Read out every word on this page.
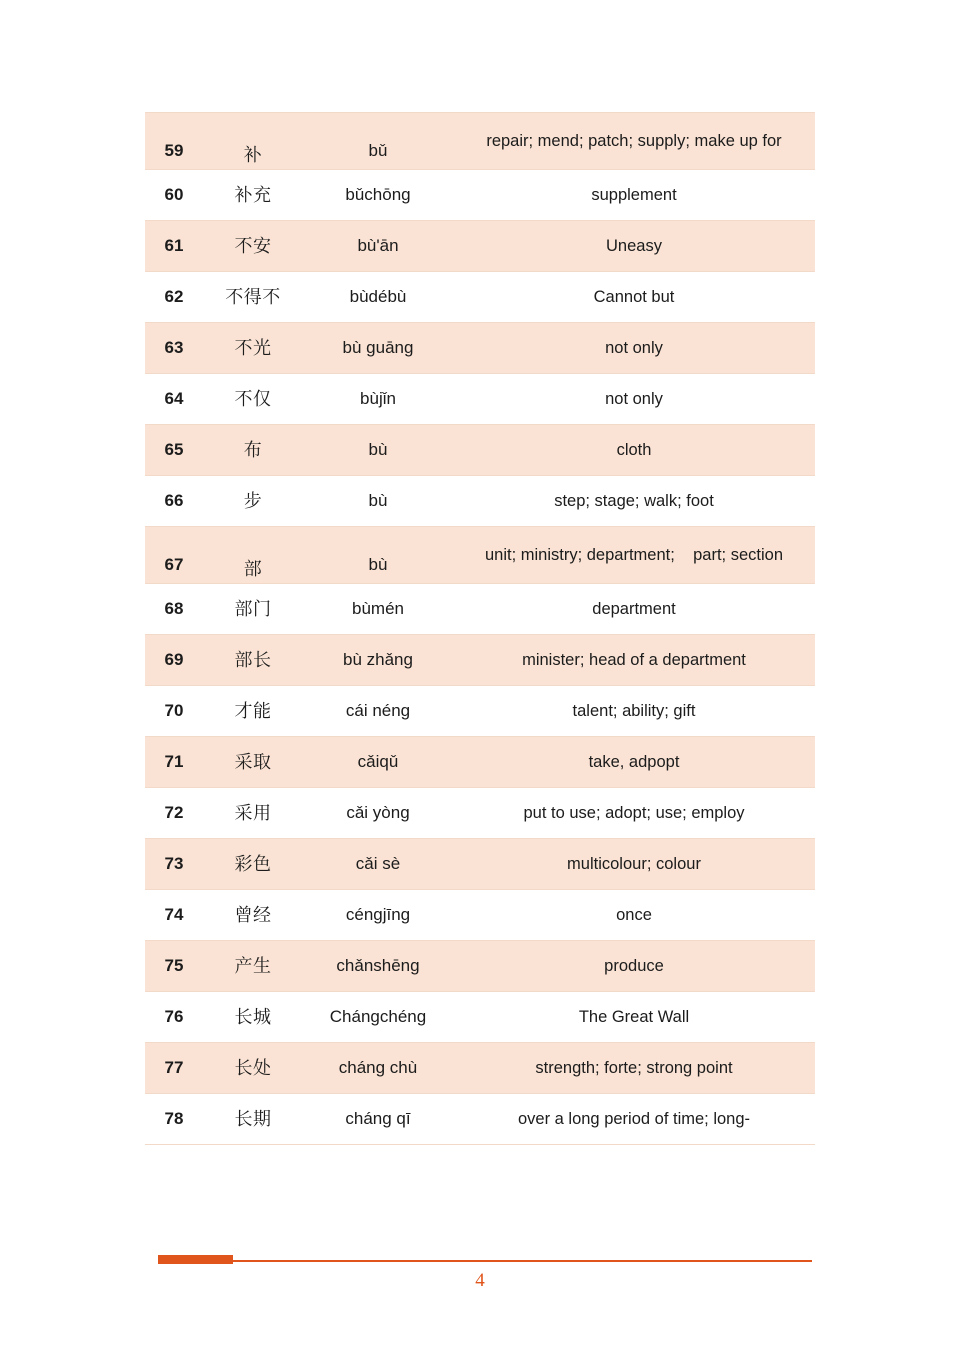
59	补	bǔ	repair; mend; patch; supply; make up for
60	补充	bǔchōng	supplement
61	不安	bù'ān	Uneasy
62	不得不	bùdébù	Cannot but
63	不光	bù guāng	not only
64	不仅	bùjǐn	not only
65	布	bù	cloth
66	步	bù	step; stage; walk; foot
67	部	bù	unit; ministry; department;    part; section
68	部门	bùmén	department
69	部长	bù zhǎng	minister; head of a department
70	才能	cái néng	talent; ability; gift
71	采取	cǎiqǔ	take, adpopt
72	采用	cǎi yòng	put to use; adopt; use; employ
73	彩色	cǎi sè	multicolour; colour
74	曾经	céngjīng	once
75	产生	chǎnshēng	produce
76	长城	Chángchéng	The Great Wall
77	长处	cháng chù	strength; forte; strong point
78	长期	cháng qī	over a long period of time; long-
4
